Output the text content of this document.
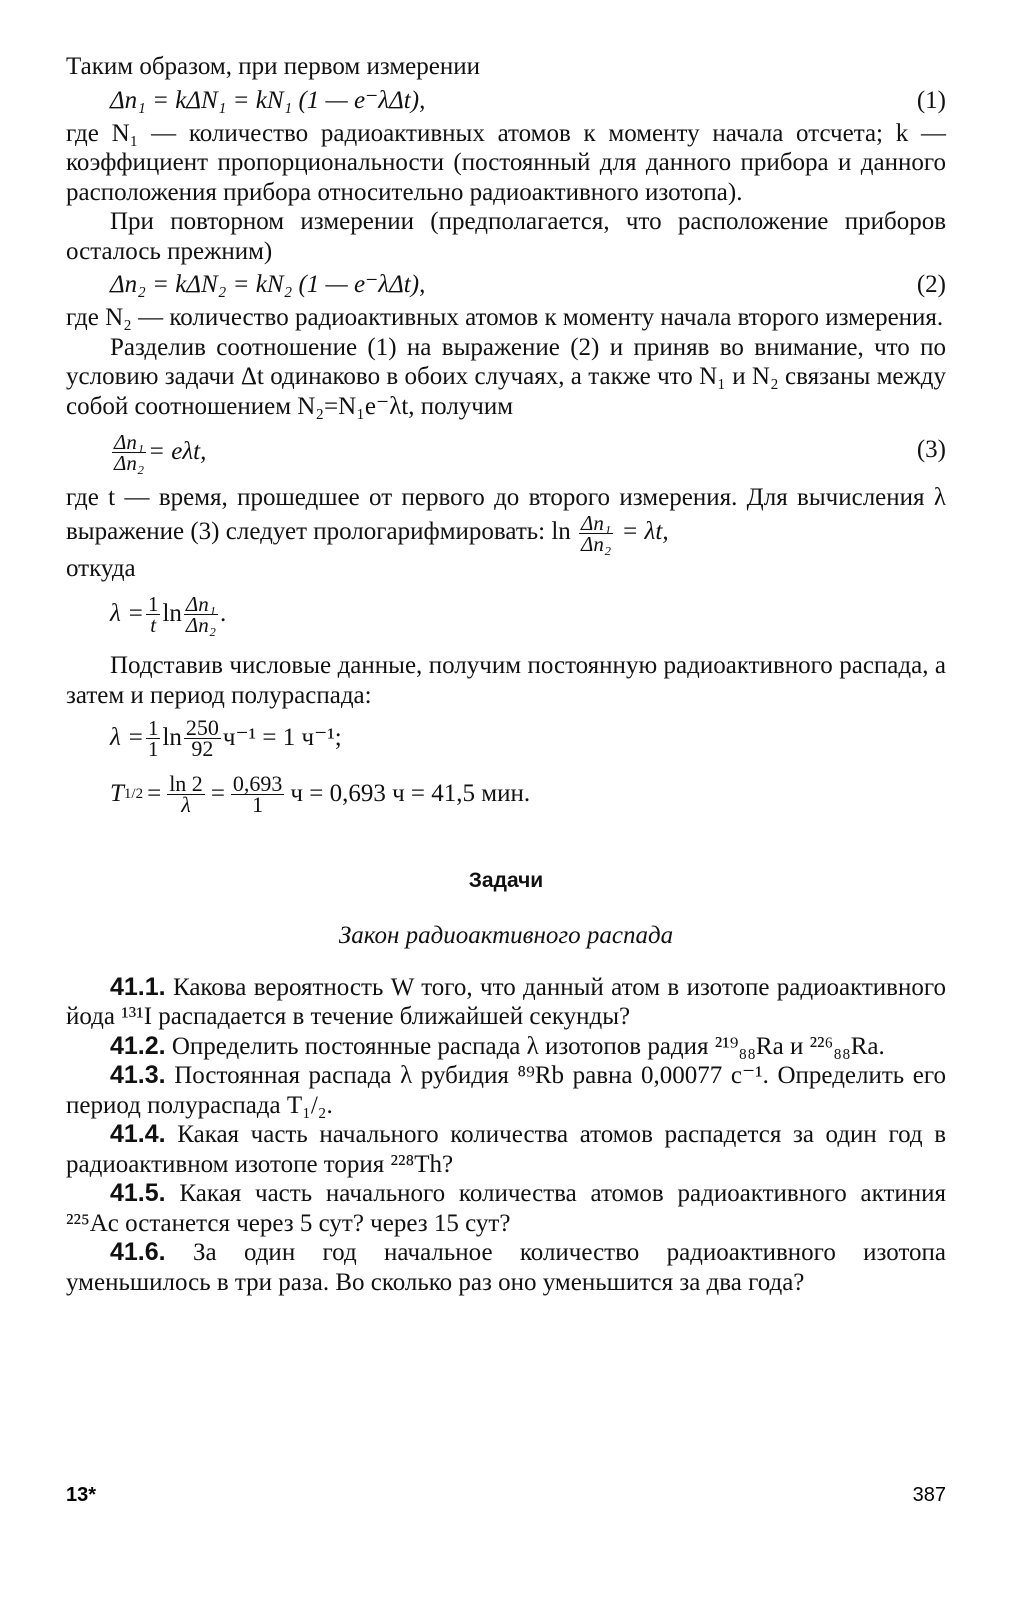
Таким образом, при первом измерении

Δn₁ = kΔN₁ = kN₁ (1 — e⁻λΔt),	(1)

где N₁ — количество радиоактивных атомов к моменту начала отсчета; k — коэффициент пропорциональности (постоянный для данного прибора и данного расположения прибора относительно радиоактивного изотопа).

При повторном измерении (предполагается, что расположение приборов осталось прежним)

Δn₂ = kΔN₂ = kN₂ (1 — e⁻λΔt),	(2)

где N₂ — количество радиоактивных атомов к моменту начала второго измерения.

Разделив соотношение (1) на выражение (2) и приняв во внимание, что по условию задачи Δt одинаково в обоих случаях, а также что N₁ и N₂ связаны между собой соотношением N₂=N₁e⁻λt, получим

$\frac{\text{Δn₁}}{\text{Δn₂}} = e\lambda t$,	(3)

где t — время, прошедшее от первого до второго измерения. Для вычисления λ выражение (3) следует прологарифмировать: $\ln \frac{\text{Δn₁}}{\text{Δn₂}} = \lambda t$,

откуда

$\lambda = \frac{1}{t}$ $\ln \frac{\text{Δn₁}}{\text{Δn₂}}$ .

Подставив числовые данные, получим постоянную радиоактивного распада, а затем и период полураспада:

$\lambda = \frac{1}{1}$ $\ln \frac{250}{92} ч^{-1} = 1$ ч⁻¹;
T $1/2 = \frac{\ln 2}{\lambda} = \frac{0,693}{1}$ ч = 0,693 ч = 41,5 мин.
Задачи
Закон радиоактивного распада

41.1. Какова вероятность W того, что данный атом в изотопе радиоактивного йода ¹³¹I распадается в течение ближайшей секунды?

41.2. Определить постоянные распада λ изотопов радия ²¹⁹₈₈Ra и ²²⁶₈₈Ra.

41.3. Постоянная распада λ рубидия ⁸⁹Rb равна 0,00077 с⁻¹. Определить его период полураспада T₁/₂.

41.4. Какая часть начального количества атомов распадется за один год в радиоактивном изотопе тория ²²⁸Th?

41.5. Какая часть начального количества атомов радиоактивного актиния ²²⁵Ac останется через 5 сут? через 15 сут?

41.6. За один год начальное количество радиоактивного изотопа уменьшилось в три раза. Во сколько раз оно уменьшится за два года?

13*	387
